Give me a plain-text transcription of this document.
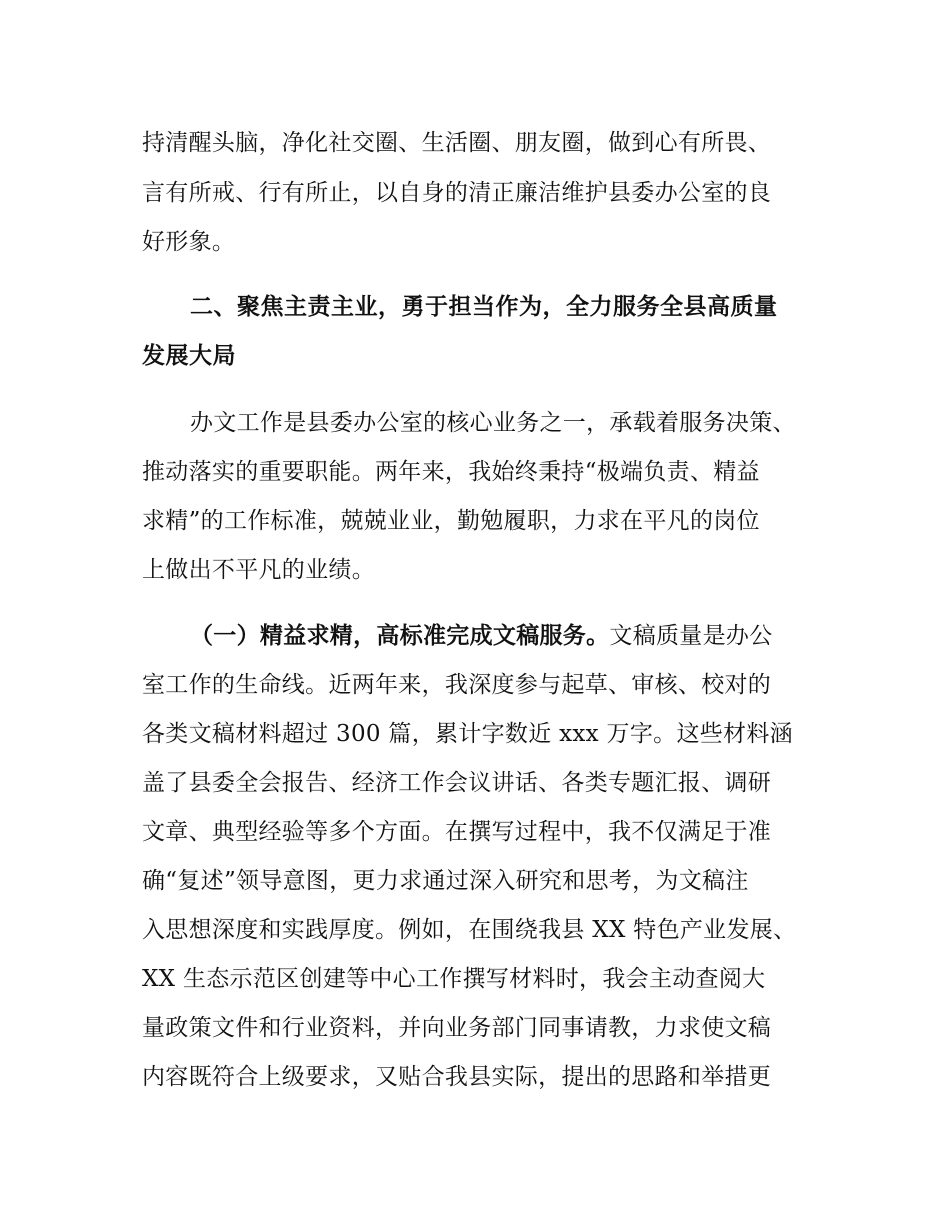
持清醒头脑，净化社交圈、生活圈、朋友圈，做到心有所畏、
言有所戒、行有所止，以自身的清正廉洁维护县委办公室的良
好形象。
二、聚焦主责主业，勇于担当作为，全力服务全县高质量
发展大局
办文工作是县委办公室的核心业务之一，承载着服务决策、
推动落实的重要职能。两年来，我始终秉持“极端负责、精益
求精”的工作标准，兢兢业业，勤勉履职，力求在平凡的岗位
上做出不平凡的业绩。
（一）精益求精，高标准完成文稿服务。文稿质量是办公
室工作的生命线。近两年来，我深度参与起草、审核、校对的
各类文稿材料超过 300 篇，累计字数近 xxx 万字。这些材料涵
盖了县委全会报告、经济工作会议讲话、各类专题汇报、调研
文章、典型经验等多个方面。在撰写过程中，我不仅满足于准
确“复述”领导意图，更力求通过深入研究和思考，为文稿注
入思想深度和实践厚度。例如，在围绕我县 XX 特色产业发展、
XX 生态示范区创建等中心工作撰写材料时，我会主动查阅大
量政策文件和行业资料，并向业务部门同事请教，力求使文稿
内容既符合上级要求，又贴合我县实际，提出的思路和举措更
